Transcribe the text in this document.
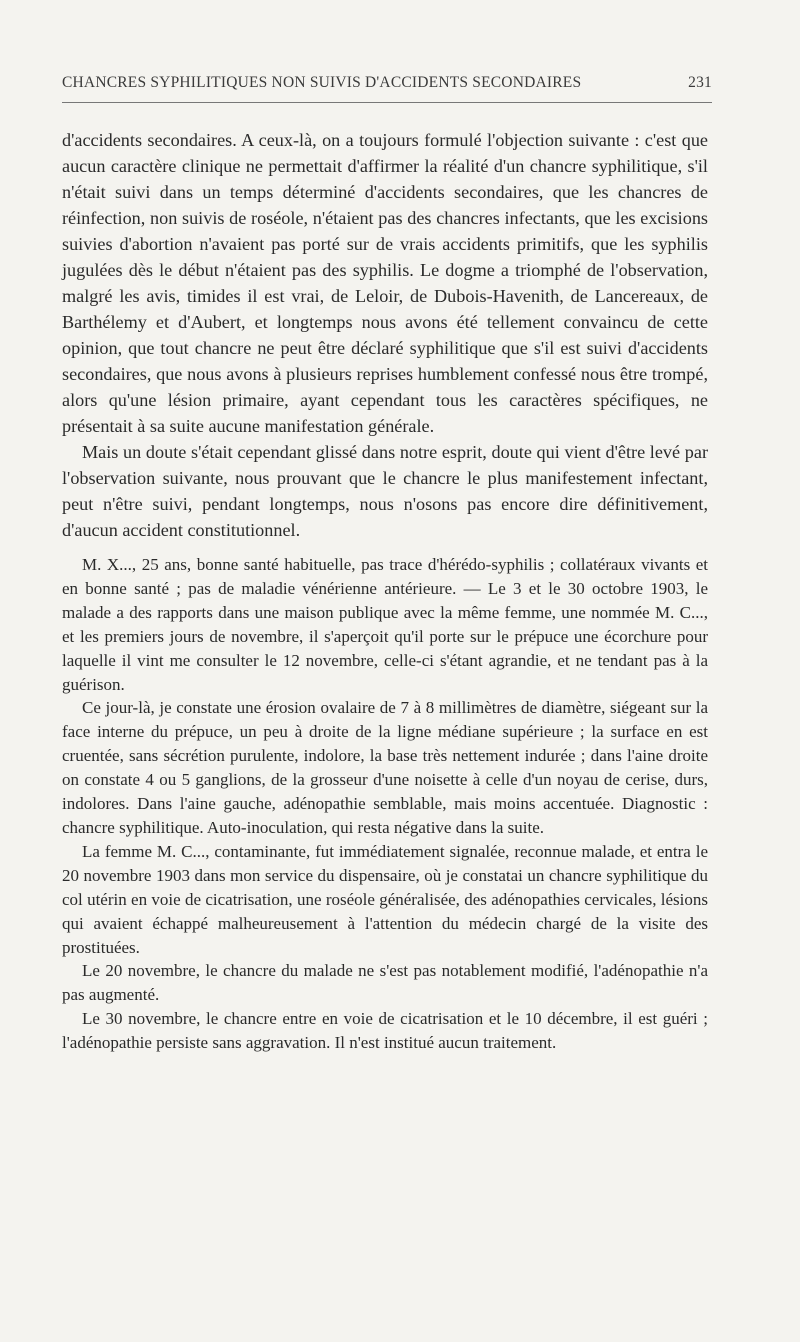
CHANCRES SYPHILITIQUES NON SUIVIS D'ACCIDENTS SECONDAIRES	231

d'accidents secondaires. A ceux-là, on a toujours formulé l'objection suivante : c'est que aucun caractère clinique ne permettait d'affirmer la réalité d'un chancre syphilitique, s'il n'était suivi dans un temps déterminé d'accidents secondaires, que les chancres de réinfection, non suivis de roséole, n'étaient pas des chancres infectants, que les excisions suivies d'abortion n'avaient pas porté sur de vrais accidents primitifs, que les syphilis jugulées dès le début n'étaient pas des syphilis. Le dogme a triomphé de l'observation, malgré les avis, timides il est vrai, de Leloir, de Dubois-Havenith, de Lancereaux, de Barthélemy et d'Aubert, et longtemps nous avons été tellement convaincu de cette opinion, que tout chancre ne peut être déclaré syphilitique que s'il est suivi d'accidents secondaires, que nous avons à plusieurs reprises humblement confessé nous être trompé, alors qu'une lésion primaire, ayant cependant tous les caractères spécifiques, ne présentait à sa suite aucune manifestation générale.

Mais un doute s'était cependant glissé dans notre esprit, doute qui vient d'être levé par l'observation suivante, nous prouvant que le chancre le plus manifestement infectant, peut n'être suivi, pendant longtemps, nous n'osons pas encore dire définitivement, d'aucun accident constitutionnel.

M. X..., 25 ans, bonne santé habituelle, pas trace d'hérédo-syphilis ; collatéraux vivants et en bonne santé ; pas de maladie vénérienne antérieure. — Le 3 et le 30 octobre 1903, le malade a des rapports dans une maison publique avec la même femme, une nommée M. C..., et les premiers jours de novembre, il s'aperçoit qu'il porte sur le prépuce une écorchure pour laquelle il vint me consulter le 12 novembre, celle-ci s'étant agrandie, et ne tendant pas à la guérison.

Ce jour-là, je constate une érosion ovalaire de 7 à 8 millimètres de diamètre, siégeant sur la face interne du prépuce, un peu à droite de la ligne médiane supérieure ; la surface en est cruentée, sans sécrétion purulente, indolore, la base très nettement indurée ; dans l'aine droite on constate 4 ou 5 ganglions, de la grosseur d'une noisette à celle d'un noyau de cerise, durs, indolores. Dans l'aine gauche, adénopathie semblable, mais moins accentuée. Diagnostic : chancre syphilitique. Auto-inoculation, qui resta négative dans la suite.

La femme M. C..., contaminante, fut immédiatement signalée, reconnue malade, et entra le 20 novembre 1903 dans mon service du dispensaire, où je constatai un chancre syphilitique du col utérin en voie de cicatrisation, une roséole généralisée, des adénopathies cervicales, lésions qui avaient échappé malheureusement à l'attention du médecin chargé de la visite des prostituées.

Le 20 novembre, le chancre du malade ne s'est pas notablement modifié, l'adénopathie n'a pas augmenté.

Le 30 novembre, le chancre entre en voie de cicatrisation et le 10 décembre, il est guéri ; l'adénopathie persiste sans aggravation. Il n'est institué aucun traitement.
